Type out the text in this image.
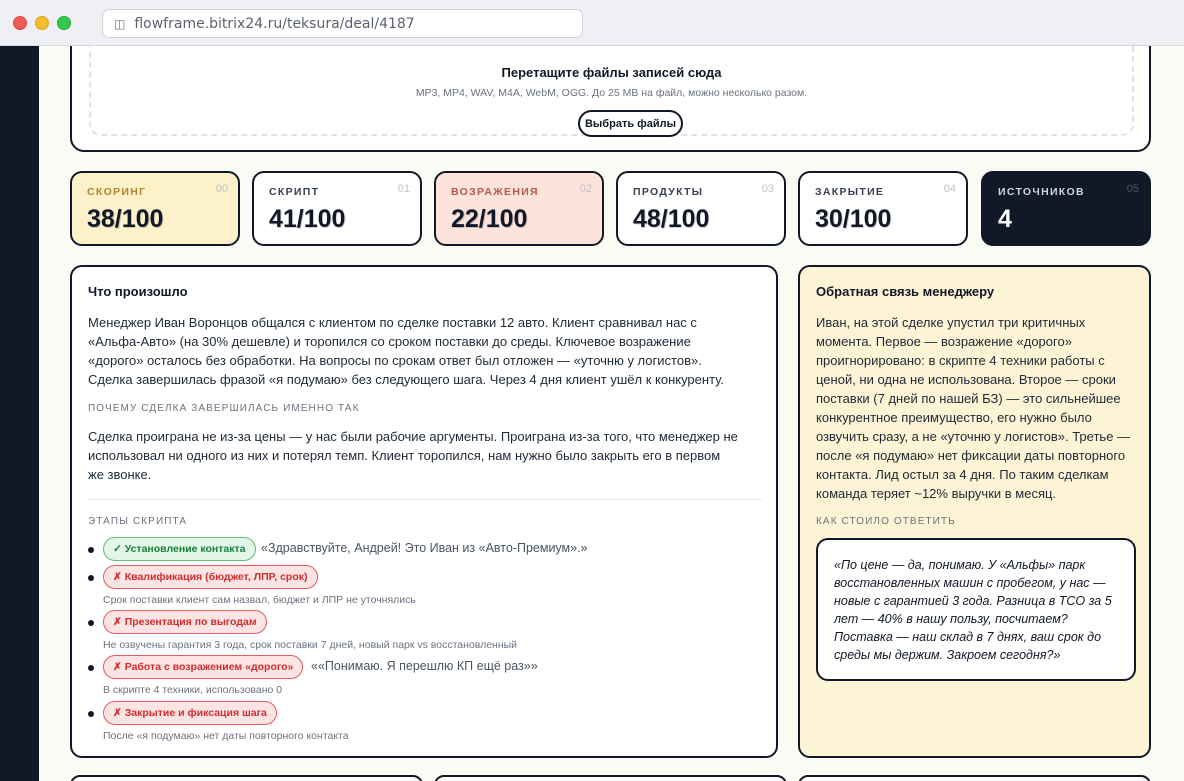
◫ flowframe.bitrix24.ru/teksura/deal/4187
Перетащите файлы записей сюда
MP3, MP4, WAV, M4A, WebM, OGG. До 25 MB на файл, можно несколько разом.
Выбрать файлы
СКОРИНГ	00
38/100
СКРИПТ	01
41/100
ВОЗРАЖЕНИЯ	02
22/100
ПРОДУКТЫ	03
48/100
ЗАКРЫТИЕ	04
30/100
ИСТОЧНИКОВ	05
4
Что произошло
Менеджер Иван Воронцов общался с клиентом по сделке поставки 12 авто. Клиент сравнивал нас с «Альфа-Авто» (на 30% дешевле) и торопился со сроком поставки до среды. Ключевое возражение «дорого» осталось без обработки. На вопросы по срокам ответ был отложен — «уточню у логистов». Сделка завершилась фразой «я подумаю» без следующего шага. Через 4 дня клиент ушёл к конкуренту.
ПОЧЕМУ СДЕЛКА ЗАВЕРШИЛАСЬ ИМЕННО ТАК
Сделка проиграна не из-за цены — у нас были рабочие аргументы. Проиграна из-за того, что менеджер не использовал ни одного из них и потерял темп. Клиент торопился, нам нужно было закрыть его в первом же звонке.
ЭТАПЫ СКРИПТА
✓ Установление контакта	«Здравствуйте, Андрей! Это Иван из «Авто-Премиум».»
✗ Квалификация (бюджет, ЛПР, срок)
Срок поставки клиент сам назвал, бюджет и ЛПР не уточнялись
✗ Презентация по выгодам
Не озвучены гарантия 3 года, срок поставки 7 дней, новый парк vs восстановленный
✗ Работа с возражением «дорого»	««Понимаю. Я перешлю КП ещё раз»»
В скрипте 4 техники, использовано 0
✗ Закрытие и фиксация шага
После «я подумаю» нет даты повторного контакта
Обратная связь менеджеру
Иван, на этой сделке упустил три критичных момента. Первое — возражение «дорого» проигнорировано: в скрипте 4 техники работы с ценой, ни одна не использована. Второе — сроки поставки (7 дней по нашей БЗ) — это сильнейшее конкурентное преимущество, его нужно было озвучить сразу, а не «уточню у логистов». Третье — после «я подумаю» нет фиксации даты повторного контакта. Лид остыл за 4 дня. По таким сделкам команда теряет ~12% выручки в месяц.
КАК СТОИЛО ОТВЕТИТЬ
«По цене — да, понимаю. У «Альфы» парк восстановленных машин с пробегом, у нас — новые с гарантией 3 года. Разница в TCO за 5 лет — 40% в нашу пользу, посчитаем? Поставка — наш склад в 7 днях, ваш срок до среды мы держим. Закроем сегодня?»
